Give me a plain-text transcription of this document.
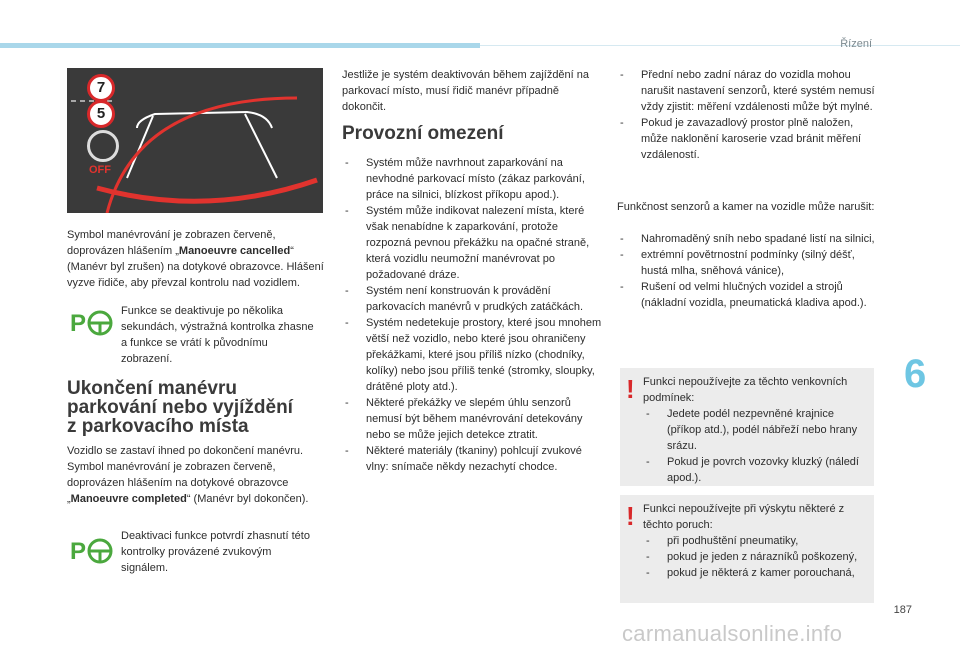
Řízení
6
7
5
OFF

Symbol manévrování je zobrazen červeně, doprovázen hlášením „Manoeuvre cancelled“ (Manévr byl zrušen) na dotykové obrazovce. Hlášení vyzve řidiče, aby převzal kontrolu nad vozidlem.

P	Funkce se deaktivuje po několika sekundách, výstražná kontrolka zhasne a funkce se vrátí k původnímu zobrazení.

Ukončení manévru
parkování nebo vyjíždění
z parkovacího místa

Vozidlo se zastaví ihned po dokončení manévru. Symbol manévrování je zobrazen červeně, doprovázen hlášením na dotykové obrazovce „Manoeuvre completed“ (Manévr byl dokončen).

P

Deaktivaci funkce potvrdí zhasnutí této kontrolky provázené zvukovým signálem.

Jestliže je systém deaktivován během zajíždění na parkovací místo, musí řidič manévr případně dokončit.

Provozní omezení
- Systém může navrhnout zaparkování na nevhodné parkovací místo (zákaz parkování, práce na silnici, blízkost příkopu apod.).
- Systém může indikovat nalezení místa, které však nenabídne k zaparkování, protože rozpozná pevnou překážku na opačné straně, která vozidlu neumožní manévrovat po požadované dráze.
- Systém není konstruován k provádění parkovacích manévrů v prudkých zatáčkách.
- Systém nedetekuje prostory, které jsou mnohem větší než vozidlo, nebo které jsou ohraničeny překážkami, které jsou příliš nízko (chodníky, kolíky) nebo jsou příliš tenké (stromky, sloupky, drátěné ploty atd.).
- Některé překážky ve slepém úhlu senzorů nemusí být během manévrování detekovány nebo se může jejich detekce ztratit.
- Některé materiály (tkaniny) pohlcují zvukové vlny: snímače někdy nezachytí chodce.
- Přední nebo zadní náraz do vozidla mohou narušit nastavení senzorů, které systém nemusí vždy zjistit: měření vzdálenosti může být mylné.
- Pokud je zavazadlový prostor plně naložen, může naklonění karoserie vzad bránit měření vzdáleností.

Funkčnost senzorů a kamer na vozidle může narušit:

- Nahromaděný sníh nebo spadané listí na silnici,
- extrémní povětrnostní podmínky (silný déšť, hustá mlha, sněhová vánice),
- Rušení od velmi hlučných vozidel a strojů (nákladní vozidla, pneumatická kladiva apod.).
! Funkci nepoužívejte za těchto venkovních podmínek:

- Jedete podél nezpevněné krajnice (příkop atd.), podél nábřeží nebo hrany srázu.
- Pokud je povrch vozovky kluzký (náledí apod.).
! Funkci nepoužívejte při výskytu některé z těchto poruch:

- při podhuštění pneumatiky,
- pokud je jeden z nárazníků poškozený,
- pokud je některá z kamer porouchaná,
187
carmanualsonline.info
